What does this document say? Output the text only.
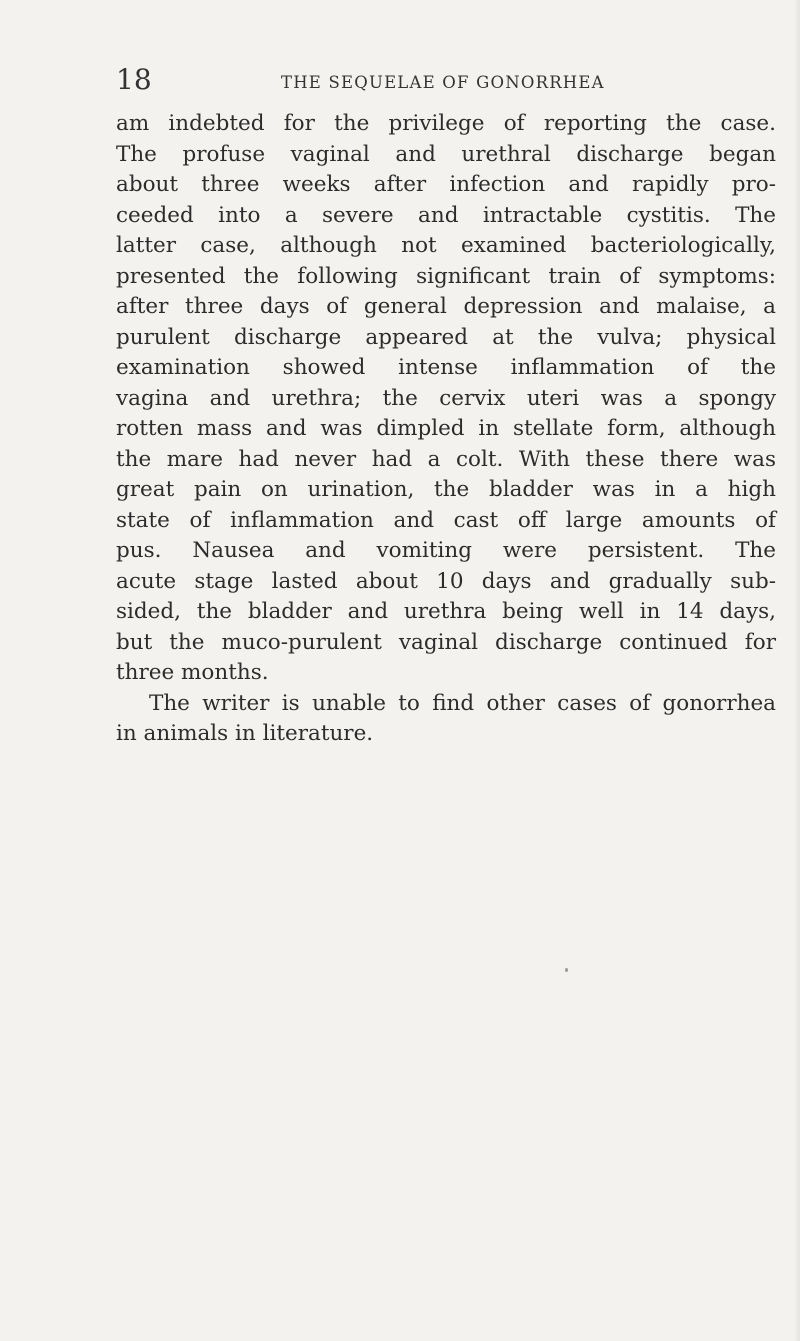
18	THE SEQUELAE OF GONORRHEA
am indebted for the privilege of reporting the case.
The profuse vaginal and urethral discharge began
about three weeks after infection and rapidly pro-
ceeded into a severe and intractable cystitis. The
latter case, although not examined bacteriologically,
presented the following significant train of symptoms:
after three days of general depression and malaise, a
purulent discharge appeared at the vulva; physical
examination showed intense inflammation of the
vagina and urethra; the cervix uteri was a spongy
rotten mass and was dimpled in stellate form, although
the mare had never had a colt. With these there was
great pain on urination, the bladder was in a high
state of inflammation and cast off large amounts of
pus. Nausea and vomiting were persistent. The
acute stage lasted about 10 days and gradually sub-
sided, the bladder and urethra being well in 14 days,
but the muco-purulent vaginal discharge continued for
three months.
The writer is unable to find other cases of gonorrhea
in animals in literature.
